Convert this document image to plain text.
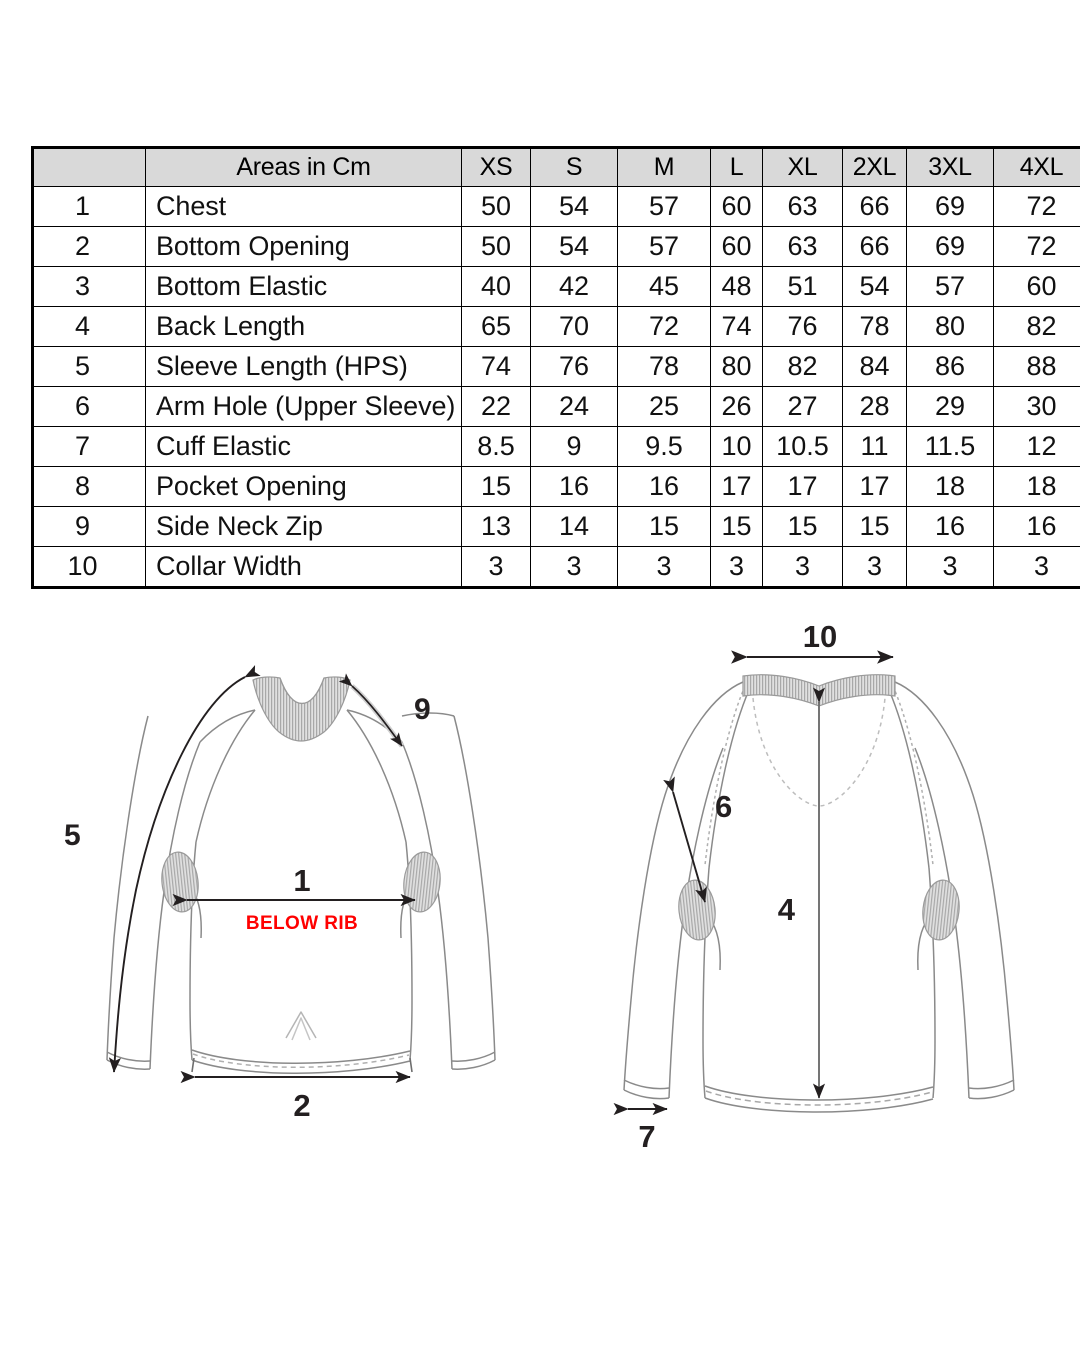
	Areas in Cm	XS	S	M	L	XL	2XL	3XL	4XL
1	Chest	50	54	57	60	63	66	69	72
2	Bottom Opening	50	54	57	60	63	66	69	72
3	Bottom Elastic	40	42	45	48	51	54	57	60
4	Back Length	65	70	72	74	76	78	80	82
5	Sleeve Length (HPS)	74	76	78	80	82	84	86	88
6	Arm Hole (Upper Sleeve)	22	24	25	26	27	28	29	30
7	Cuff Elastic	8.5	9	9.5	10	10.5	11	11.5	12
8	Pocket Opening	15	16	16	17	17	17	18	18
9	Side Neck Zip	13	14	15	15	15	15	16	16
10	Collar Width	3	3	3	3	3	3	3	3
5
9
1
BELOW RIB
2
10
4
6
7
